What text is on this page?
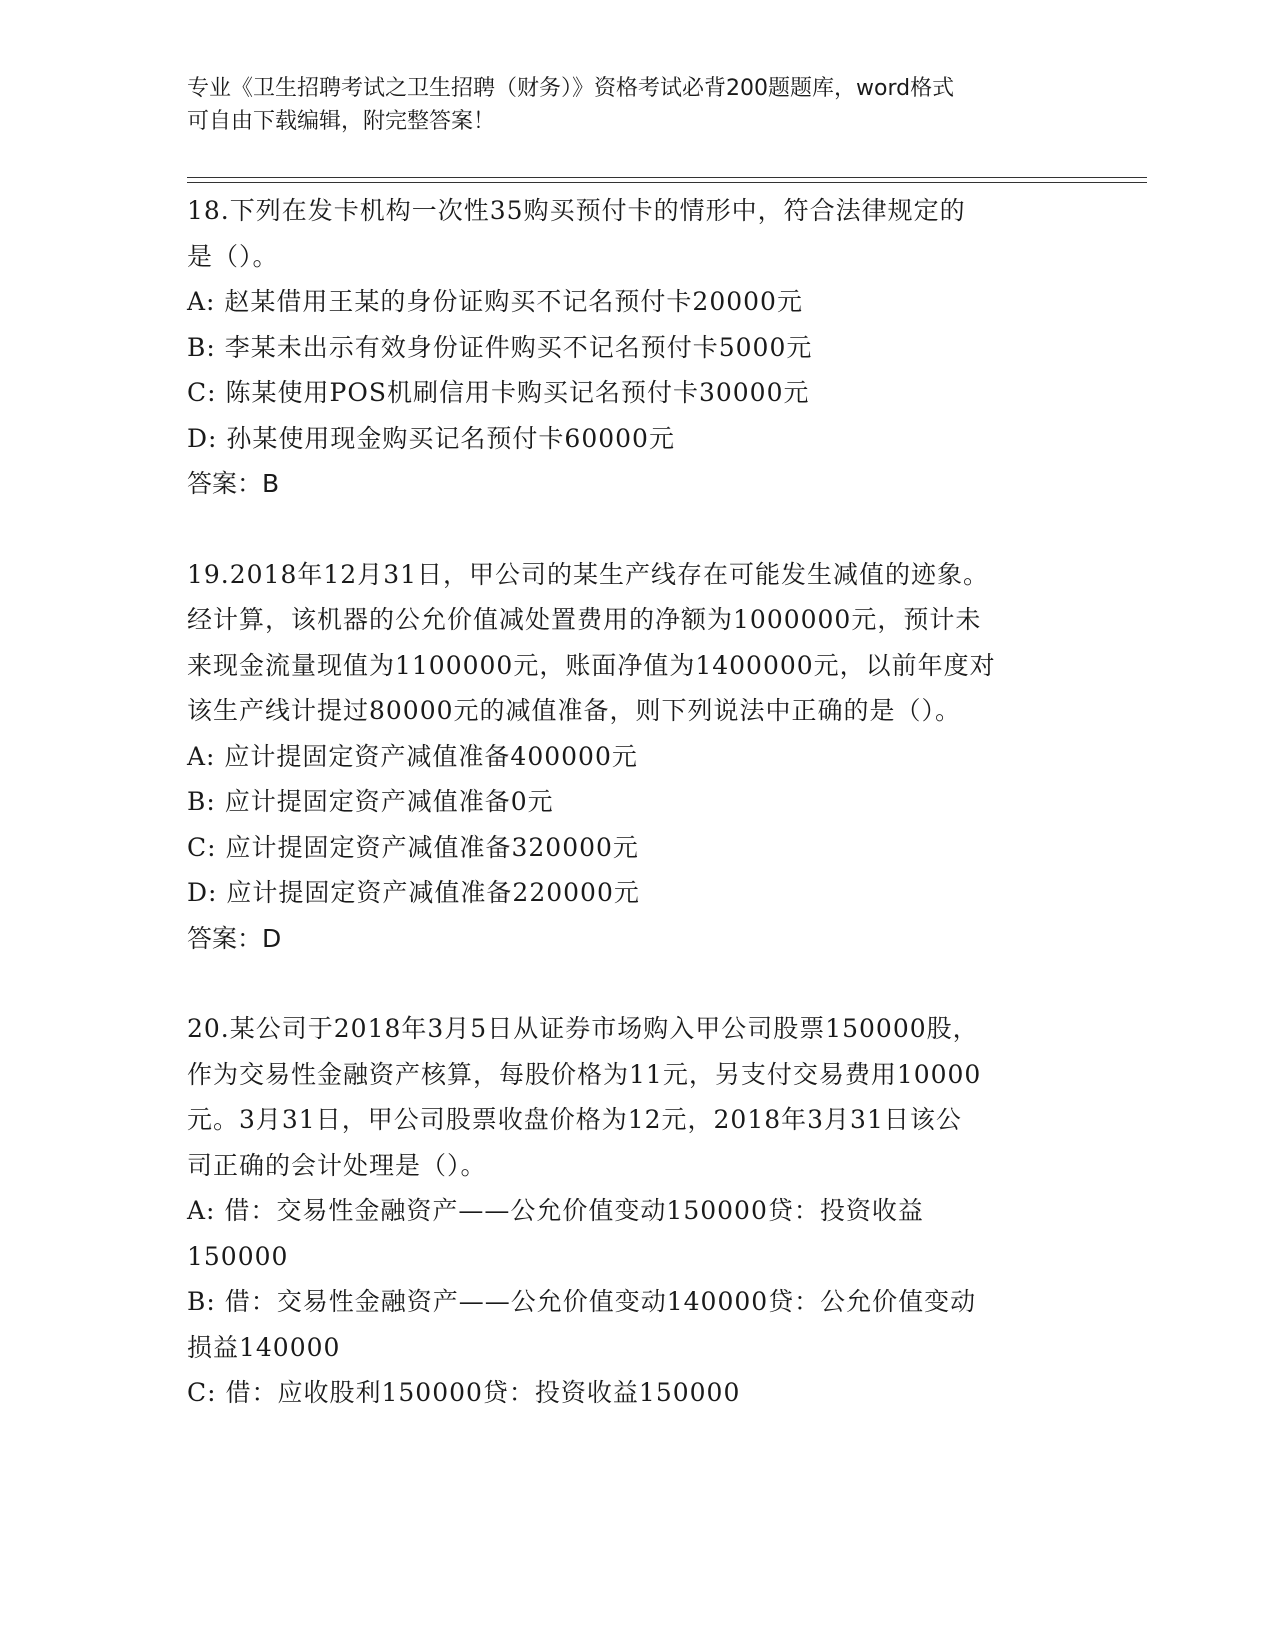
专业《卫生招聘考试之卫生招聘（财务）》资格考试必背200题题库，word格式
可自由下载编辑，附完整答案！

18.下列在发卡机构一次性35购买预付卡的情形中，符合法律规定的

是（）。

A: 赵某借用王某的身份证购买不记名预付卡20000元

B: 李某未出示有效身份证件购买不记名预付卡5000元

C: 陈某使用POS机刷信用卡购买记名预付卡30000元

D: 孙某使用现金购买记名预付卡60000元

答案：B

19.2018年12月31日，甲公司的某生产线存在可能发生减值的迹象。

经计算，该机器的公允价值减处置费用的净额为1000000元，预计未

来现金流量现值为1100000元，账面净值为1400000元，以前年度对

该生产线计提过80000元的减值准备，则下列说法中正确的是（）。

A: 应计提固定资产减值准备400000元

B: 应计提固定资产减值准备0元

C: 应计提固定资产减值准备320000元

D: 应计提固定资产减值准备220000元

答案：D

20.某公司于2018年3月5日从证券市场购入甲公司股票150000股，

作为交易性金融资产核算，每股价格为11元，另支付交易费用10000

元。3月31日，甲公司股票收盘价格为12元，2018年3月31日该公

司正确的会计处理是（）。

A: 借：交易性金融资产——公允价值变动150000贷：投资收益

150000

B: 借：交易性金融资产——公允价值变动140000贷：公允价值变动

损益140000

C: 借：应收股利150000贷：投资收益150000
